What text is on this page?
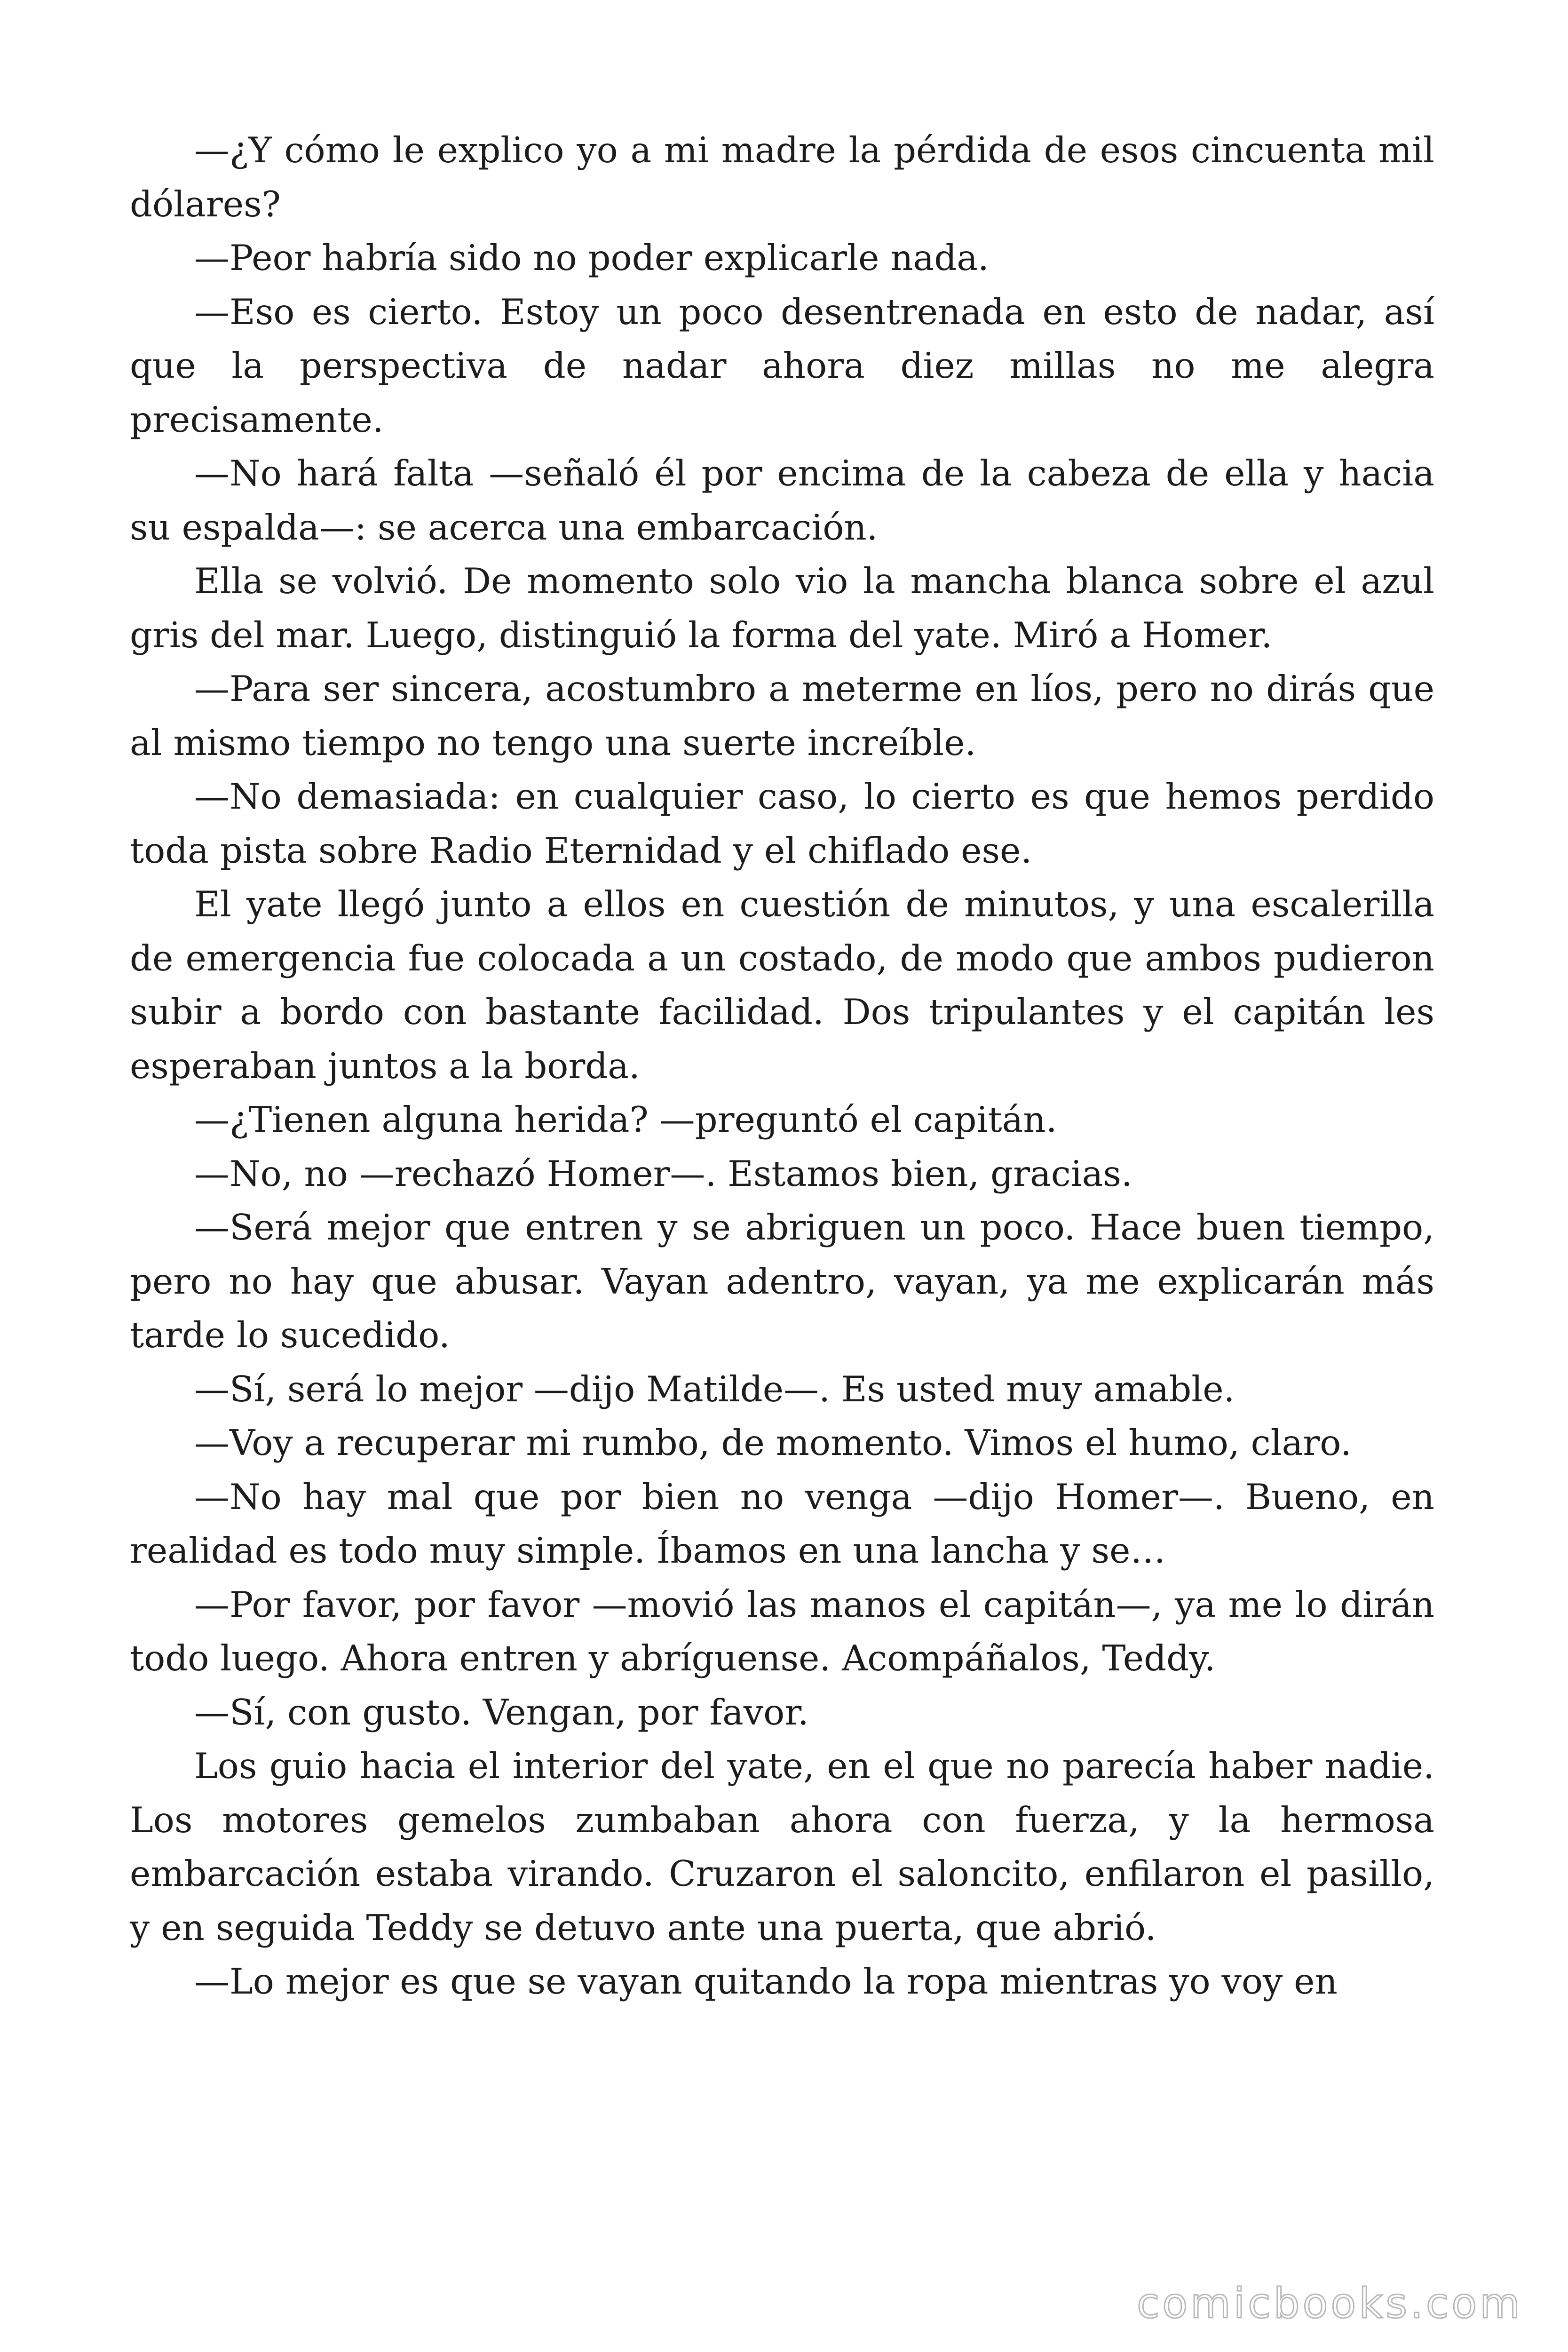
—¿Y cómo le explico yo a mi madre la pérdida de esos cincuenta mil dólares?

—Peor habría sido no poder explicarle nada.

—Eso es cierto. Estoy un poco desentrenada en esto de nadar, así que la perspectiva de nadar ahora diez millas no me alegra precisamente.

—No hará falta —señaló él por encima de la cabeza de ella y hacia su espalda—: se acerca una embarcación.

Ella se volvió. De momento solo vio la mancha blanca sobre el azul gris del mar. Luego, distinguió la forma del yate. Miró a Homer.

—Para ser sincera, acostumbro a meterme en líos, pero no dirás que al mismo tiempo no tengo una suerte increíble.

—No demasiada: en cualquier caso, lo cierto es que hemos perdido toda pista sobre Radio Eternidad y el chiflado ese.

El yate llegó junto a ellos en cuestión de minutos, y una escalerilla de emergencia fue colocada a un costado, de modo que ambos pudieron subir a bordo con bastante facilidad. Dos tripulantes y el capitán les esperaban juntos a la borda.

—¿Tienen alguna herida? —preguntó el capitán.

—No, no —rechazó Homer—. Estamos bien, gracias.

—Será mejor que entren y se abriguen un poco. Hace buen tiempo, pero no hay que abusar. Vayan adentro, vayan, ya me explicarán más tarde lo sucedido.

—Sí, será lo mejor —dijo Matilde—. Es usted muy amable.

—Voy a recuperar mi rumbo, de momento. Vimos el humo, claro.

—No hay mal que por bien no venga —dijo Homer—. Bueno, en realidad es todo muy simple. Íbamos en una lancha y se…

—Por favor, por favor —movió las manos el capitán—, ya me lo dirán todo luego. Ahora entren y abríguense. Acompáñalos, Teddy.

—Sí, con gusto. Vengan, por favor.

Los guio hacia el interior del yate, en el que no parecía haber nadie. Los motores gemelos zumbaban ahora con fuerza, y la hermosa embarcación estaba virando. Cruzaron el saloncito, enfilaron el pasillo, y en seguida Teddy se detuvo ante una puerta, que abrió.

—Lo mejor es que se vayan quitando la ropa mientras yo voy en

comicbooks.com
